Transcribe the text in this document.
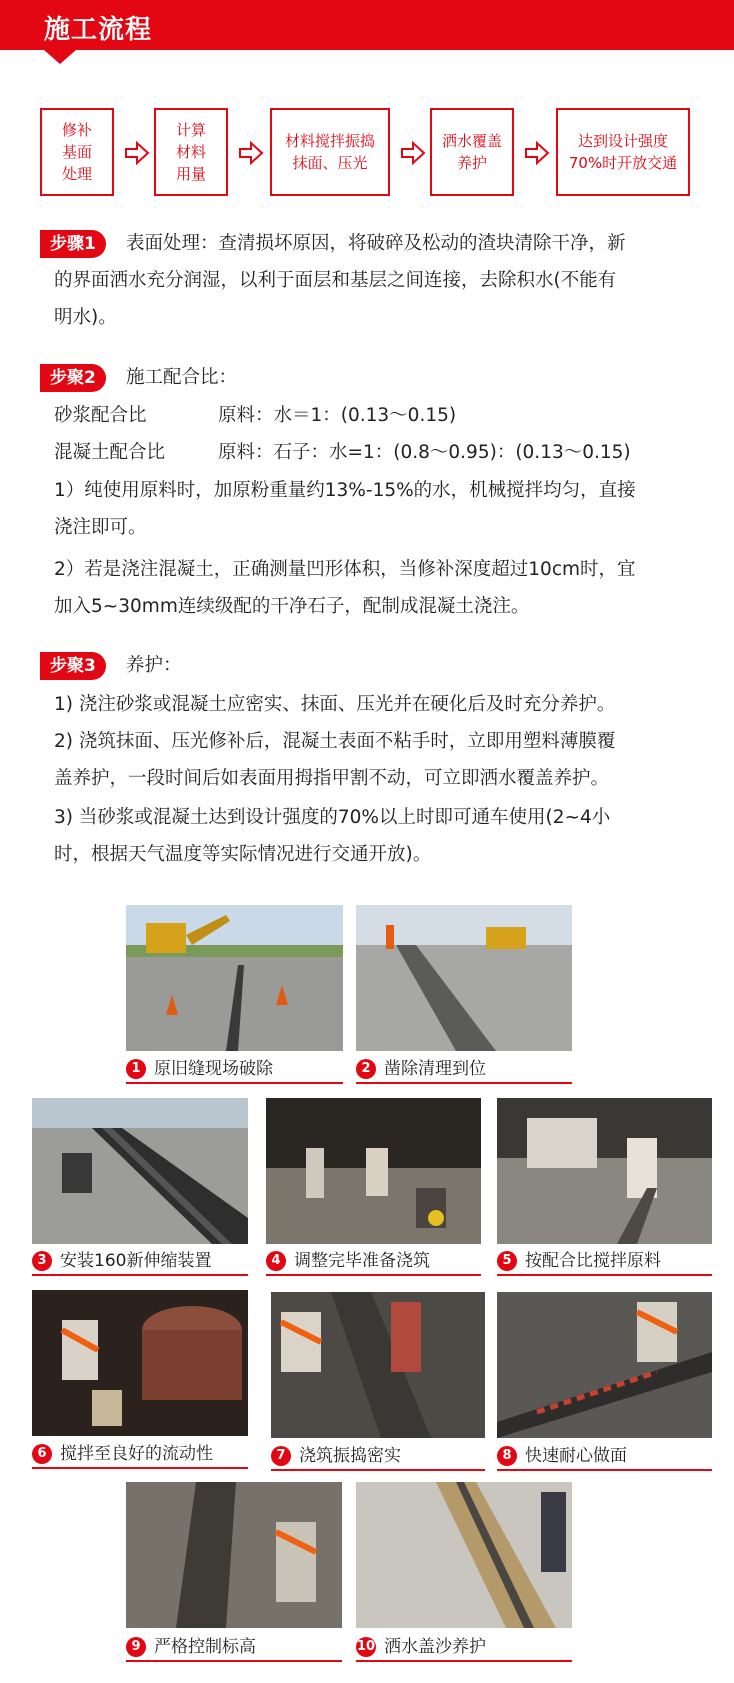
施工流程
修补
基面
处理
计算
材料
用量
材料搅拌振捣
抹面、压光
洒水覆盖
养护
达到设计强度
70%时开放交通
步骤1	表面处理：查清损坏原因，将破碎及松动的渣块清除干净，新
的界面洒水充分润湿，以利于面层和基层之间连接，去除积水(不能有
明水)。
步聚2	施工配合比：
砂浆配合比	原料：水＝1：(0.13～0.15)
混凝土配合比	原料：石子：水=1：(0.8～0.95)：(0.13～0.15)
1）纯使用原料时，加原粉重量约13%-15%的水，机械搅拌均匀，直接
浇注即可。
2）若是浇注混凝土，正确测量凹形体积，当修补深度超过10cm时，宜
加入5~30mm连续级配的干净石子，配制成混凝土浇注。
步聚3	养护：
1) 浇注砂浆或混凝土应密实、抹面、压光并在硬化后及时充分养护。
2) 浇筑抹面、压光修补后，混凝土表面不粘手时，立即用塑料薄膜覆
盖养护，一段时间后如表面用拇指甲割不动，可立即洒水覆盖养护。
3) 当砂浆或混凝土达到设计强度的70%以上时即可通车使用(2~4小
时，根据天气温度等实际情况进行交通开放)。
1 原旧缝现场破除	2 凿除清理到位
3 安装160新伸缩装置	4 调整完毕准备浇筑	5 按配合比搅拌原料
6 搅拌至良好的流动性	7 浇筑振捣密实	8 快速耐心做面
9 严格控制标高	10 洒水盖沙养护
